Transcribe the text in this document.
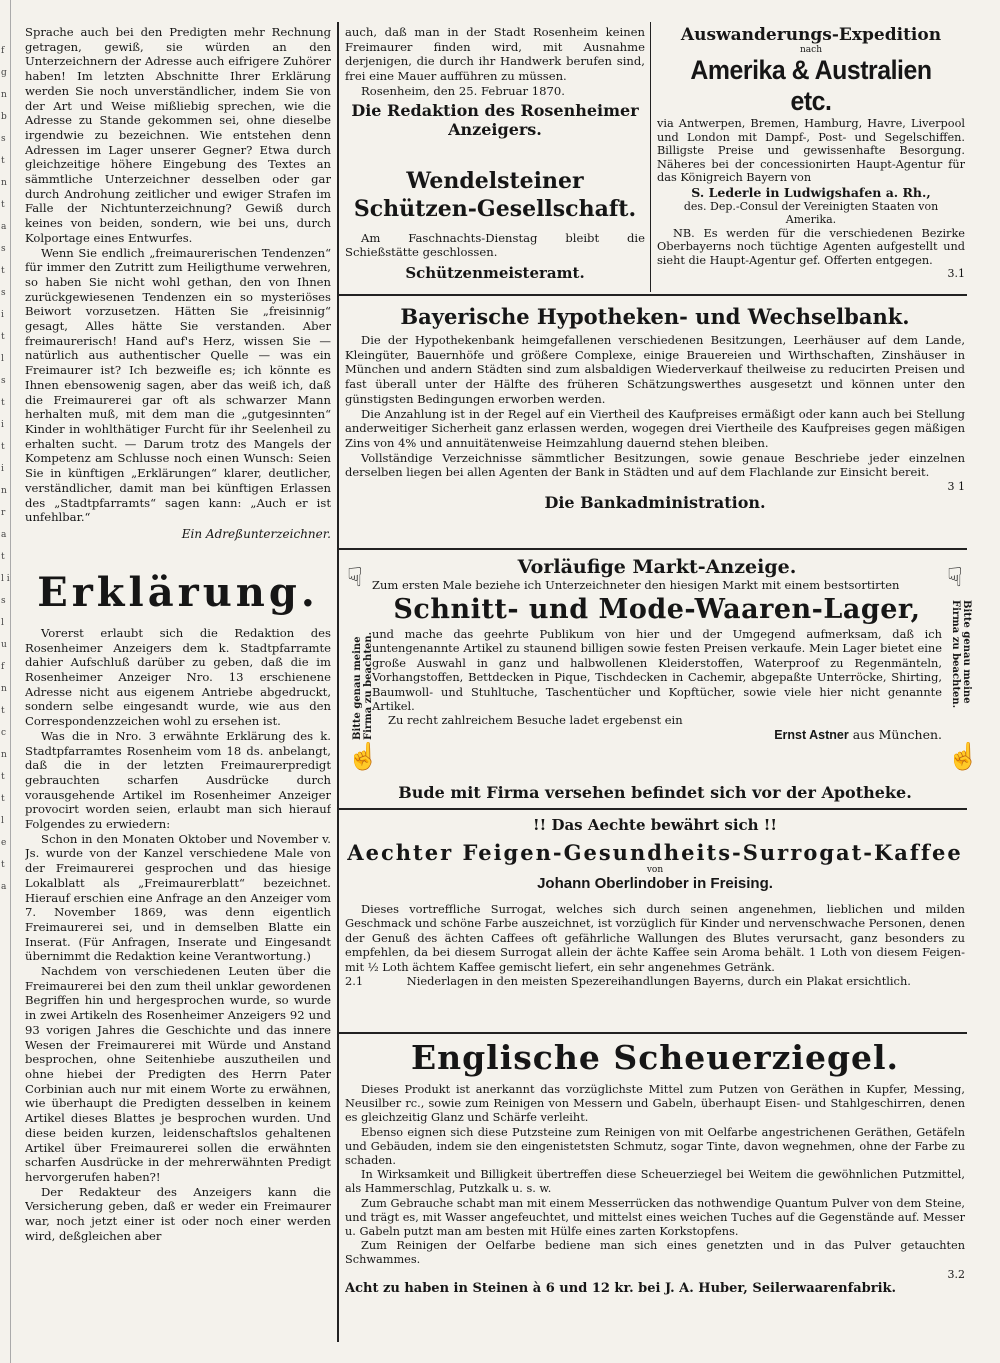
f g n b s t n t a s t s i t l s t i t i n r a t l i s l u f n t c n t t l e t a

Sprache auch bei den Predigten mehr Rechnung getragen, gewiß, sie würden an den Unterzeichnern der Adresse auch eifrigere Zuhörer haben! Im letzten Abschnitte Ihrer Erklärung werden Sie noch unverständlicher, indem Sie von der Art und Weise mißliebig sprechen, wie die Adresse zu Stande gekommen sei, ohne dieselbe irgendwie zu bezeichnen. Wie entstehen denn Adressen im Lager unserer Gegner? Etwa durch gleichzeitige höhere Eingebung des Textes an sämmtliche Unterzeichner desselben oder gar durch Androhung zeitlicher und ewiger Strafen im Falle der Nichtunterzeichnung? Gewiß durch keines von beiden, sondern, wie bei uns, durch Kolportage eines Entwurfes.

Wenn Sie endlich „freimaurerischen Tendenzen“ für immer den Zutritt zum Heiligthume verwehren, so haben Sie nicht wohl gethan, den von Ihnen zurückgewiesenen Tendenzen ein so mysteriöses Beiwort vorzusetzen. Hätten Sie „freisinnig“ gesagt, Alles hätte Sie verstanden. Aber freimaurerisch! Hand auf's Herz, wissen Sie — natürlich aus authentischer Quelle — was ein Freimaurer ist? Ich bezweifle es; ich könnte es Ihnen ebensowenig sagen, aber das weiß ich, daß die Freimaurerei gar oft als schwarzer Mann herhalten muß, mit dem man die „gutgesinnten“ Kinder in wohlthätiger Furcht für ihr Seelenheil zu erhalten sucht. — Darum trotz des Mangels der Kompetenz am Schlusse noch einen Wunsch: Seien Sie in künftigen „Erklärungen“ klarer, deutlicher, verständlicher, damit man bei künftigen Erlassen des „Stadtpfarramts“ sagen kann: „Auch er ist unfehlbar.“

Ein Adreßunterzeichner.

Erklärung.

Vorerst erlaubt sich die Redaktion des Rosenheimer Anzeigers dem k. Stadtpfarramte dahier Aufschluß darüber zu geben, daß die im Rosenheimer Anzeiger Nro. 13 erschienene Adresse nicht aus eigenem Antriebe abgedruckt, sondern selbe eingesandt wurde, wie aus den Correspondenzzeichen wohl zu ersehen ist.

Was die in Nro. 3 erwähnte Erklärung des k. Stadtpfarramtes Rosenheim vom 18 ds. anbelangt, daß die in der letzten Freimaurerpredigt gebrauchten scharfen Ausdrücke durch vorausgehende Artikel im Rosenheimer Anzeiger provocirt worden seien, erlaubt man sich hierauf Folgendes zu erwiedern:

Schon in den Monaten Oktober und November v. Js. wurde von der Kanzel verschiedene Male von der Freimaurerei gesprochen und das hiesige Lokalblatt als „Freimaurerblatt“ bezeichnet. Hierauf erschien eine Anfrage an den Anzeiger vom 7. November 1869, was denn eigentlich Freimaurerei sei, und in demselben Blatte ein Inserat. (Für Anfragen, Inserate und Eingesandt übernimmt die Redaktion keine Verantwortung.)

Nachdem von verschiedenen Leuten über die Freimaurerei bei den zum theil unklar gewordenen Begriffen hin und hergesprochen wurde, so wurde in zwei Artikeln des Rosenheimer Anzeigers 92 und 93 vorigen Jahres die Geschichte und das innere Wesen der Freimaurerei mit Würde und Anstand besprochen, ohne Seitenhiebe auszutheilen und ohne hiebei der Predigten des Herrn Pater Corbinian auch nur mit einem Worte zu erwähnen, wie überhaupt die Predigten desselben in keinem Artikel dieses Blattes je besprochen wurden. Und diese beiden kurzen, leidenschaftslos gehaltenen Artikel über Freimaurerei sollen die erwähnten scharfen Ausdrücke in der mehrerwähnten Predigt hervorgerufen haben?!

Der Redakteur des Anzeigers kann die Versicherung geben, daß er weder ein Freimaurer war, noch jetzt einer ist oder noch einer werden wird, deßgleichen aber

auch, daß man in der Stadt Rosenheim keinen Freimaurer finden wird, mit Ausnahme derjenigen, die durch ihr Handwerk berufen sind, frei eine Mauer aufführen zu müssen.

Rosenheim, den 25. Februar 1870.

Die Redaktion des Rosenheimer Anzeigers.
Wendelsteiner Schützen-Gesellschaft.

Am Faschnachts-Dienstag bleibt die Schießstätte geschlossen.

Schützenmeisteramt.
Auswanderungs-Expedition
nach
Amerika & Australien etc.

via Antwerpen, Bremen, Hamburg, Havre, Liverpool und London mit Dampf-, Post- und Segelschiffen. Billigste Preise und gewissenhafte Besorgung. Näheres bei der concessionirten Haupt-Agentur für das Königreich Bayern von

S. Lederle in Ludwigshafen a. Rh.,
des. Dep.-Consul der Vereinigten Staaten von Amerika.

NB. Es werden für die verschiedenen Bezirke Oberbayerns noch tüchtige Agenten aufgestellt und sieht die Haupt-Agentur gef. Offerten entgegen.

3.1
Bayerische Hypotheken- und Wechselbank.

Die der Hypothekenbank heimgefallenen verschiedenen Besitzungen, Leerhäuser auf dem Lande, Kleingüter, Bauernhöfe und größere Complexe, einige Brauereien und Wirthschaften, Zinshäuser in München und andern Städten sind zum alsbaldigen Wiederverkauf theilweise zu reducirten Preisen und fast überall unter der Hälfte des früheren Schätzungswerthes ausgesetzt und können unter den günstigsten Bedingungen erworben werden.

Die Anzahlung ist in der Regel auf ein Viertheil des Kaufpreises ermäßigt oder kann auch bei Stellung anderweitiger Sicherheit ganz erlassen werden, wogegen drei Viertheile des Kaufpreises gegen mäßigen Zins von 4% und annuitätenweise Heimzahlung dauernd stehen bleiben.

Vollständige Verzeichnisse sämmtlicher Besitzungen, sowie genaue Beschriebe jeder einzelnen derselben liegen bei allen Agenten der Bank in Städten und auf dem Flachlande zur Einsicht bereit.

3 1
Die Bankadministration.
☟	☟
☝	☝
Bitte genau meine Firma zu beachten.	Bitte genau meine Firma zu beachten.
Vorläufige Markt-Anzeige.

Zum ersten Male beziehe ich Unterzeichneter den hiesigen Markt mit einem bestsortirten

Schnitt- und Mode-Waaren-Lager,

und mache das geehrte Publikum von hier und der Umgegend aufmerksam, daß ich untengenannte Artikel zu staunend billigen sowie festen Preisen verkaufe. Mein Lager bietet eine große Auswahl in ganz und halbwollenen Kleiderstoffen, Waterproof zu Regenmänteln, Vorhangstoffen, Bettdecken in Pique, Tischdecken in Cachemir, abgepaßte Unterröcke, Shirting, Baumwoll- und Stuhltuche, Taschentücher und Kopftücher, sowie viele hier nicht genannte Artikel.

Zu recht zahlreichem Besuche ladet ergebenst ein

Ernst Astner aus München.
Bude mit Firma versehen befindet sich vor der Apotheke.
!! Das Aechte bewährt sich !!
Aechter Feigen-Gesundheits-Surrogat-Kaffee
von
Johann Oberlindober in Freising.

Dieses vortreffliche Surrogat, welches sich durch seinen angenehmen, lieblichen und milden Geschmack und schöne Farbe auszeichnet, ist vorzüglich für Kinder und nervenschwache Personen, denen der Genuß des ächten Caffees oft gefährliche Wallungen des Blutes verursacht, ganz besonders zu empfehlen, da bei diesem Surrogat allein der ächte Kaffee sein Aroma behält. 1 Loth von diesem Feigen- mit ½ Loth ächtem Kaffee gemischt liefert, ein sehr angenehmes Getränk.

2.1	Niederlagen in den meisten Spezereihandlungen Bayerns, durch ein Plakat ersichtlich.
Englische Scheuerziegel.

Dieses Produkt ist anerkannt das vorzüglichste Mittel zum Putzen von Geräthen in Kupfer, Messing, Neusilber rc., sowie zum Reinigen von Messern und Gabeln, überhaupt Eisen- und Stahlgeschirren, denen es gleichzeitig Glanz und Schärfe verleiht.

Ebenso eignen sich diese Putzsteine zum Reinigen von mit Oelfarbe angestrichenen Geräthen, Getäfeln und Gebäuden, indem sie den eingenistetsten Schmutz, sogar Tinte, davon wegnehmen, ohne der Farbe zu schaden.

In Wirksamkeit und Billigkeit übertreffen diese Scheuerziegel bei Weitem die gewöhnlichen Putzmittel, als Hammerschlag, Putzkalk u. s. w.

Zum Gebrauche schabt man mit einem Messerrücken das nothwendige Quantum Pulver von dem Steine, und trägt es, mit Wasser angefeuchtet, und mittelst eines weichen Tuches auf die Gegenstände auf. Messer u. Gabeln putzt man am besten mit Hülfe eines zarten Korkstopfens.

Zum Reinigen der Oelfarbe bediene man sich eines genetzten und in das Pulver getauchten Schwammes.

3.2
Acht zu haben in Steinen à 6 und 12 kr. bei J. A. Huber, Seilerwaarenfabrik.
